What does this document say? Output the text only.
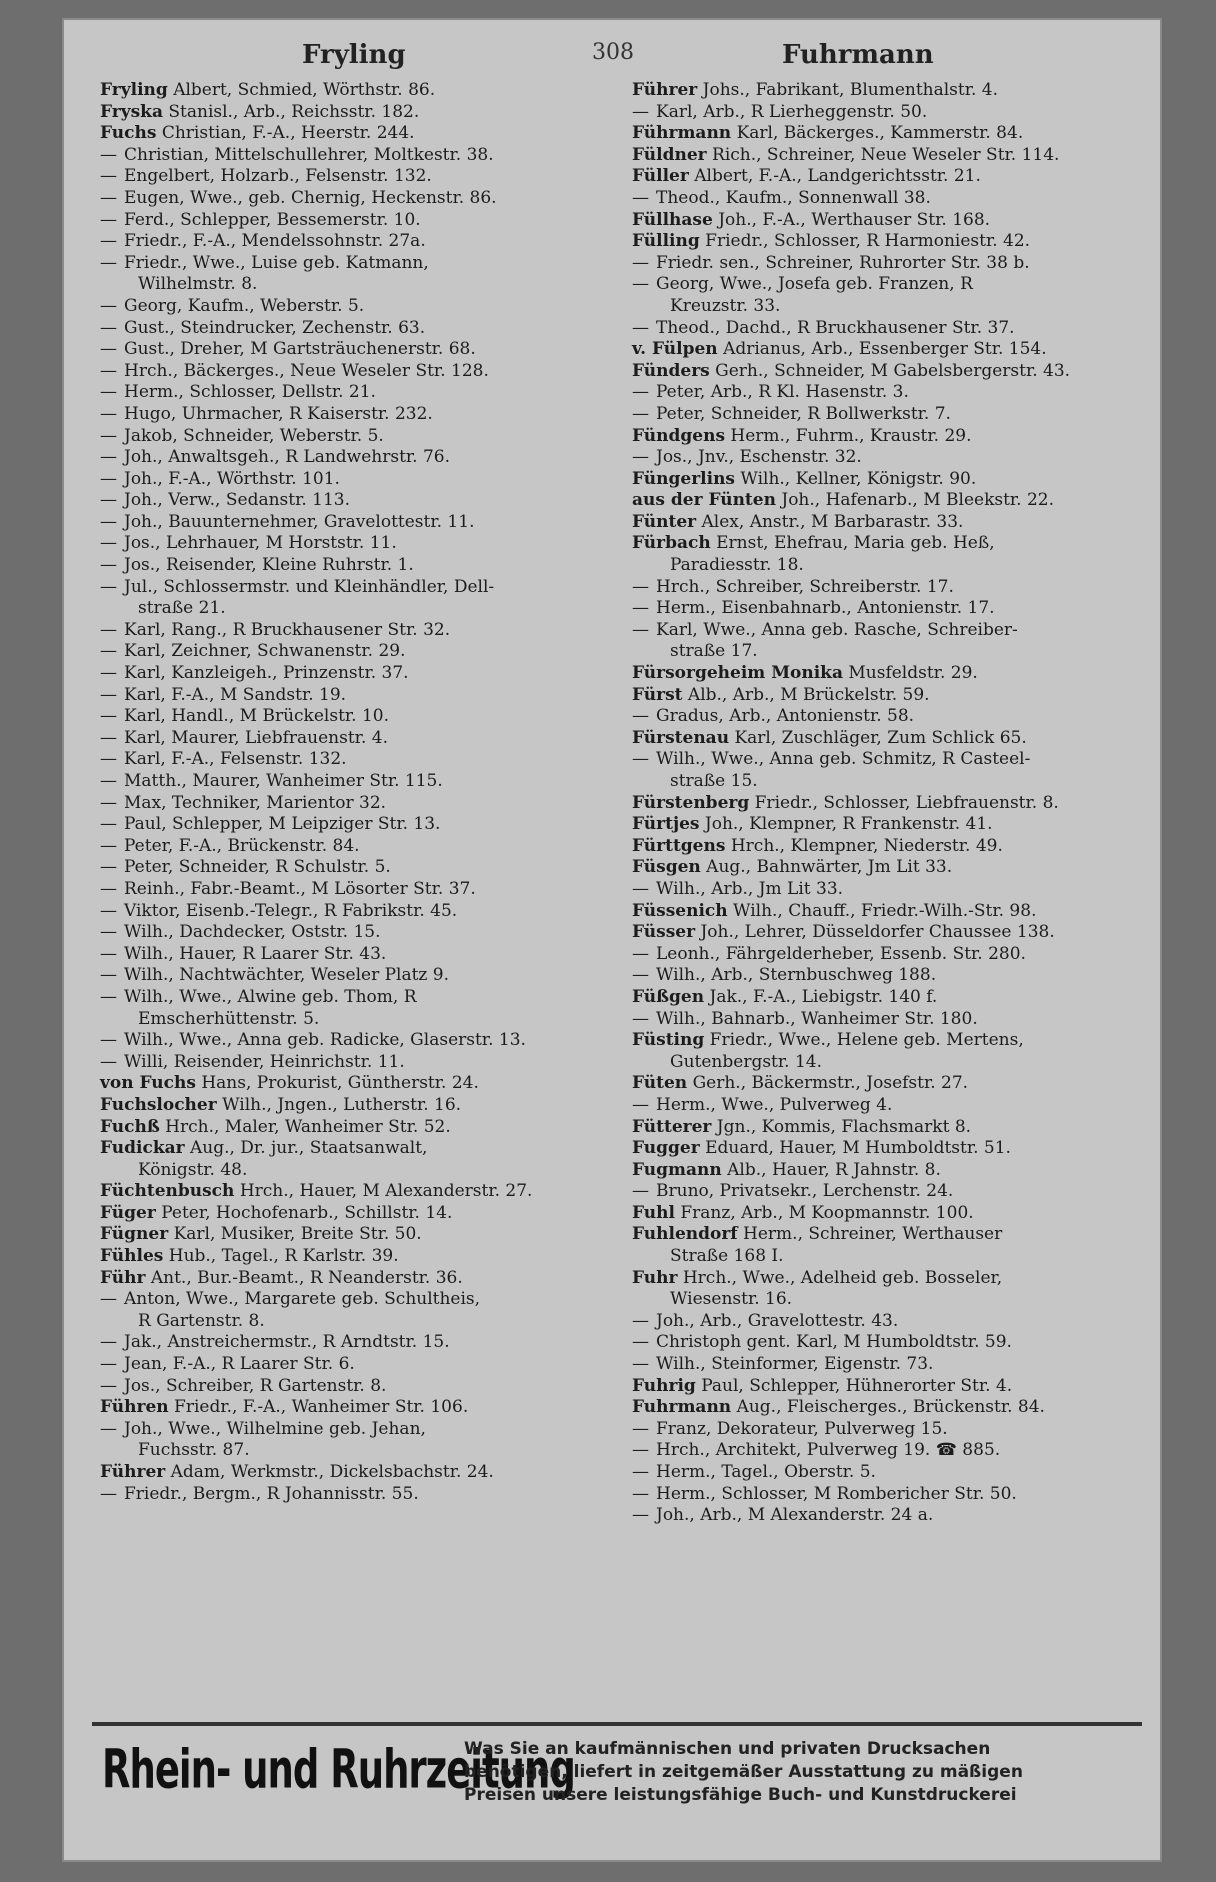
Fryling	308	Fuhrmann
Fryling Albert, Schmied, Wörthstr. 86.
Fryska Stanisl., Arb., Reichsstr. 182.
Fuchs Christian, F.-A., Heerstr. 244.
— Christian, Mittelschullehrer, Moltkestr. 38.
— Engelbert, Holzarb., Felsenstr. 132.
— Eugen, Wwe., geb. Chernig, Heckenstr. 86.
— Ferd., Schlepper, Bessemerstr. 10.
— Friedr., F.-A., Mendelssohnstr. 27a.
— Friedr., Wwe., Luise geb. Katmann,
Wilhelmstr. 8.
— Georg, Kaufm., Weberstr. 5.
— Gust., Steindrucker, Zechenstr. 63.
— Gust., Dreher, M Gartsträuchenerstr. 68.
— Hrch., Bäckerges., Neue Weseler Str. 128.
— Herm., Schlosser, Dellstr. 21.
— Hugo, Uhrmacher, R Kaiserstr. 232.
— Jakob, Schneider, Weberstr. 5.
— Joh., Anwaltsgeh., R Landwehrstr. 76.
— Joh., F.-A., Wörthstr. 101.
— Joh., Verw., Sedanstr. 113.
— Joh., Bauunternehmer, Gravelottestr. 11.
— Jos., Lehrhauer, M Horststr. 11.
— Jos., Reisender, Kleine Ruhrstr. 1.
— Jul., Schlossermstr. und Kleinhändler, Dell-
straße 21.
— Karl, Rang., R Bruckhausener Str. 32.
— Karl, Zeichner, Schwanenstr. 29.
— Karl, Kanzleigeh., Prinzenstr. 37.
— Karl, F.-A., M Sandstr. 19.
— Karl, Handl., M Brückelstr. 10.
— Karl, Maurer, Liebfrauenstr. 4.
— Karl, F.-A., Felsenstr. 132.
— Matth., Maurer, Wanheimer Str. 115.
— Max, Techniker, Marientor 32.
— Paul, Schlepper, M Leipziger Str. 13.
— Peter, F.-A., Brückenstr. 84.
— Peter, Schneider, R Schulstr. 5.
— Reinh., Fabr.-Beamt., M Lösorter Str. 37.
— Viktor, Eisenb.-Telegr., R Fabrikstr. 45.
— Wilh., Dachdecker, Oststr. 15.
— Wilh., Hauer, R Laarer Str. 43.
— Wilh., Nachtwächter, Weseler Platz 9.
— Wilh., Wwe., Alwine geb. Thom, R
Emscherhüttenstr. 5.
— Wilh., Wwe., Anna geb. Radicke, Glaserstr. 13.
— Willi, Reisender, Heinrichstr. 11.
von Fuchs Hans, Prokurist, Güntherstr. 24.
Fuchslocher Wilh., Jngen., Lutherstr. 16.
Fuchß Hrch., Maler, Wanheimer Str. 52.
Fudickar Aug., Dr. jur., Staatsanwalt,
Königstr. 48.
Füchtenbusch Hrch., Hauer, M Alexanderstr. 27.
Füger Peter, Hochofenarb., Schillstr. 14.
Fügner Karl, Musiker, Breite Str. 50.
Fühles Hub., Tagel., R Karlstr. 39.
Führ Ant., Bur.-Beamt., R Neanderstr. 36.
— Anton, Wwe., Margarete geb. Schultheis,
R Gartenstr. 8.
— Jak., Anstreichermstr., R Arndtstr. 15.
— Jean, F.-A., R Laarer Str. 6.
— Jos., Schreiber, R Gartenstr. 8.
Führen Friedr., F.-A., Wanheimer Str. 106.
— Joh., Wwe., Wilhelmine geb. Jehan,
Fuchsstr. 87.
Führer Adam, Werkmstr., Dickelsbachstr. 24.
— Friedr., Bergm., R Johannisstr. 55.
Führer Johs., Fabrikant, Blumenthalstr. 4.
— Karl, Arb., R Lierheggenstr. 50.
Führmann Karl, Bäckerges., Kammerstr. 84.
Füldner Rich., Schreiner, Neue Weseler Str. 114.
Füller Albert, F.-A., Landgerichtsstr. 21.
— Theod., Kaufm., Sonnenwall 38.
Füllhase Joh., F.-A., Werthauser Str. 168.
Fülling Friedr., Schlosser, R Harmoniestr. 42.
— Friedr. sen., Schreiner, Ruhrorter Str. 38 b.
— Georg, Wwe., Josefa geb. Franzen, R
Kreuzstr. 33.
— Theod., Dachd., R Bruckhausener Str. 37.
v. Fülpen Adrianus, Arb., Essenberger Str. 154.
Fünders Gerh., Schneider, M Gabelsbergerstr. 43.
— Peter, Arb., R Kl. Hasenstr. 3.
— Peter, Schneider, R Bollwerkstr. 7.
Fündgens Herm., Fuhrm., Kraustr. 29.
— Jos., Jnv., Eschenstr. 32.
Füngerlins Wilh., Kellner, Königstr. 90.
aus der Fünten Joh., Hafenarb., M Bleekstr. 22.
Fünter Alex, Anstr., M Barbarastr. 33.
Fürbach Ernst, Ehefrau, Maria geb. Heß,
Paradiesstr. 18.
— Hrch., Schreiber, Schreiberstr. 17.
— Herm., Eisenbahnarb., Antonienstr. 17.
— Karl, Wwe., Anna geb. Rasche, Schreiber-
straße 17.
Fürsorgeheim Monika Musfeldstr. 29.
Fürst Alb., Arb., M Brückelstr. 59.
— Gradus, Arb., Antonienstr. 58.
Fürstenau Karl, Zuschläger, Zum Schlick 65.
— Wilh., Wwe., Anna geb. Schmitz, R Casteel-
straße 15.
Fürstenberg Friedr., Schlosser, Liebfrauenstr. 8.
Fürtjes Joh., Klempner, R Frankenstr. 41.
Fürttgens Hrch., Klempner, Niederstr. 49.
Füsgen Aug., Bahnwärter, Jm Lit 33.
— Wilh., Arb., Jm Lit 33.
Füssenich Wilh., Chauff., Friedr.-Wilh.-Str. 98.
Füsser Joh., Lehrer, Düsseldorfer Chaussee 138.
— Leonh., Fährgelderheber, Essenb. Str. 280.
— Wilh., Arb., Sternbuschweg 188.
Füßgen Jak., F.-A., Liebigstr. 140 f.
— Wilh., Bahnarb., Wanheimer Str. 180.
Füsting Friedr., Wwe., Helene geb. Mertens,
Gutenbergstr. 14.
Füten Gerh., Bäckermstr., Josefstr. 27.
— Herm., Wwe., Pulverweg 4.
Fütterer Jgn., Kommis, Flachsmarkt 8.
Fugger Eduard, Hauer, M Humboldtstr. 51.
Fugmann Alb., Hauer, R Jahnstr. 8.
— Bruno, Privatsekr., Lerchenstr. 24.
Fuhl Franz, Arb., M Koopmannstr. 100.
Fuhlendorf Herm., Schreiner, Werthauser
Straße 168 I.
Fuhr Hrch., Wwe., Adelheid geb. Bosseler,
Wiesenstr. 16.
— Joh., Arb., Gravelottestr. 43.
— Christoph gent. Karl, M Humboldtstr. 59.
— Wilh., Steinformer, Eigenstr. 73.
Fuhrig Paul, Schlepper, Hühnerorter Str. 4.
Fuhrmann Aug., Fleischerges., Brückenstr. 84.
— Franz, Dekorateur, Pulverweg 15.
— Hrch., Architekt, Pulverweg 19. ☎ 885.
— Herm., Tagel., Oberstr. 5.
— Herm., Schlosser, M Rombericher Str. 50.
— Joh., Arb., M Alexanderstr. 24 a.
Rhein- und Ruhrzeitung
Was Sie an kaufmännischen und privaten Drucksachen
benötigen, liefert in zeitgemäßer Ausstattung zu mäßigen
Preisen unsere leistungsfähige Buch- und Kunstdruckerei
